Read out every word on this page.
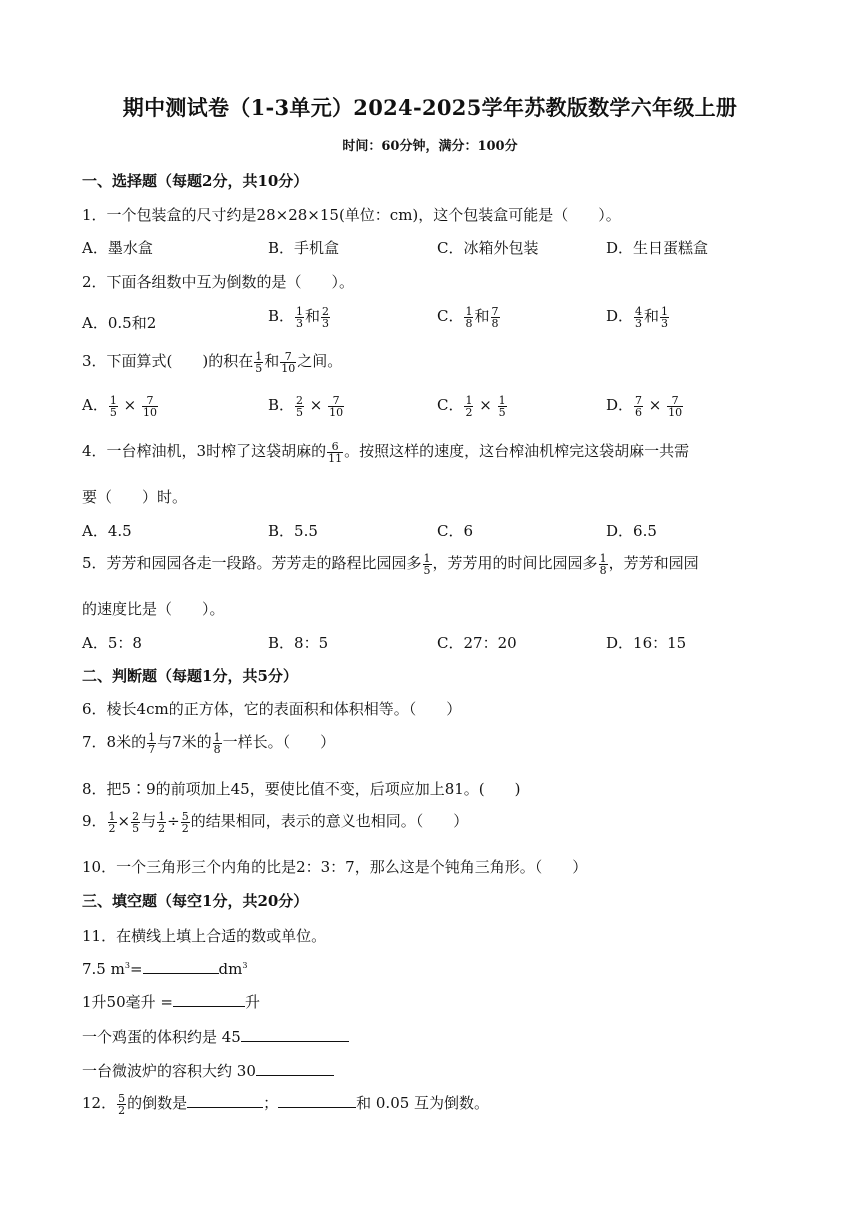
期中测试卷（1-3单元）2024-2025学年苏教版数学六年级上册
时间：60分钟，满分：100分
一、选择题（每题2分，共10分）
1．一个包装盒的尺寸约是28×28×15(单位：cm)，这个包装盒可能是（　　）。
A．墨水盒	B．手机盒	C．冰箱外包装	D．生日蛋糕盒
2．下面各组数中互为倒数的是（　　）。
A．0.5和2	B． $\frac{1}{3}$ 和 $\frac{2}{3}$	C． $\frac{1}{8}$ 和 $\frac{7}{8}$	D． $\frac{4}{3}$ 和 $\frac{1}{3}$
3．下面算式(　　)的积在 $\frac{1}{5}$ 和 $\frac{7}{10}$ 之间。
A． $\frac{1}{5} \times \frac{7}{10}$	B． $\frac{2}{5} \times \frac{7}{10}$	C． $\frac{1}{2} \times \frac{1}{5}$	D． $\frac{7}{6} \times \frac{7}{10}$
4．一台榨油机，3时榨了这袋胡麻的 $\frac{6}{11}$ 。按照这样的速度，这台榨油机榨完这袋胡麻一共需
要（　　）时。
A．4.5	B．5.5	C．6	D．6.5
5．芳芳和园园各走一段路。芳芳走的路程比园园多 $\frac{1}{5}$ ，芳芳用的时间比园园多 $\frac{1}{8}$ ，芳芳和园园
的速度比是（　　）。
A．5：8	B．8：5	C．27：20	D．16：15
二、判断题（每题1分，共5分）
6．棱长4cm的正方体，它的表面积和体积相等。（　　）
7．8米的 $\frac{1}{7}$ 与7米的 $\frac{1}{8}$ 一样长。（　　）
8．把5∶9的前项加上45，要使比值不变，后项应加上81。(　　)
9． $\frac{1}{2} \times \frac{2}{5}$ 与 $\frac{1}{2} \div \frac{5}{2}$ 的结果相同，表示的意义也相同。（　　）
10．一个三角形三个内角的比是2：3：7，那么这是个钝角三角形。（　　）
三、填空题（每空1分，共20分）
11．在横线上填上合适的数或单位。
7.5 $m^3=$	$dm^3$
1升50毫升 =	升
一个鸡蛋的体积约是 45
一台微波炉的容积大约 30
12． $\frac{5}{2}$ 的倒数是	；	和 0.05 互为倒数。
